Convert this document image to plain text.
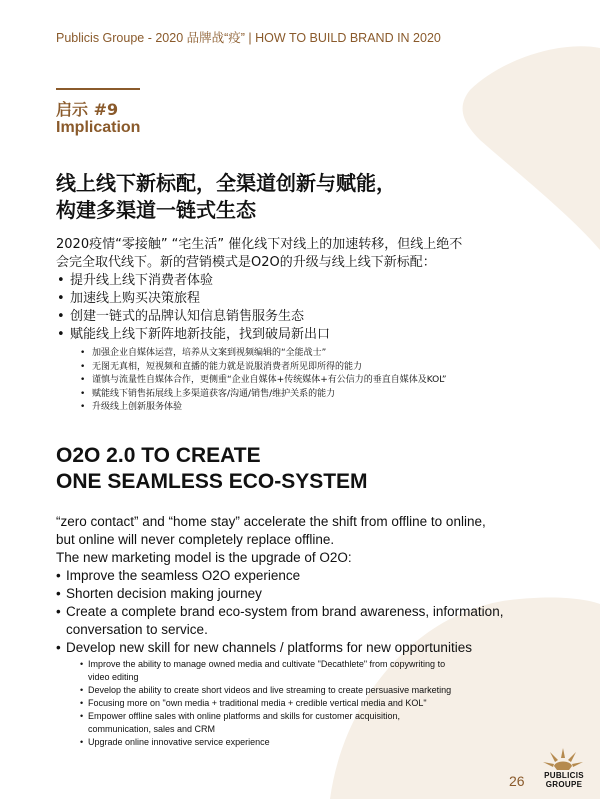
Publicis Groupe - 2020 品牌战“疫” | HOW TO BUILD BRAND IN 2020
启示 #9
Implication
线上线下新标配，全渠道创新与赋能，
构建多渠道一链式生态
2020疫情“零接触” “宅生活” 催化线下对线上的加速转移，但线上绝不
会完全取代线下。新的营销模式是O2O的升级与线上线下新标配：
• 提升线上线下消费者体验
• 加速线上购买决策旅程
• 创建一链式的品牌认知信息销售服务生态
• 赋能线上线下新阵地新技能，找到破局新出口
• 加强企业自媒体运营，培养从文案到视频编辑的“全能战士”
• 无图无真相，短视频和直播的能力就是说服消费者所见即所得的能力
• 谨慎与流量性自媒体合作，更侧重“企业自媒体+传统媒体+有公信力的垂直自媒体及KOL”
• 赋能线下销售拓展线上多渠道获客/沟通/销售/维护关系的能力
• 升级线上创新服务体验
O2O 2.0 TO CREATE
ONE SEAMLESS ECO-SYSTEM
“zero contact” and “home stay” accelerate the shift from offline to online,
but online will never completely replace offline.
The new marketing model is the upgrade of O2O:
• Improve the seamless O2O experience
• Shorten decision making journey
• Create a complete brand eco-system from brand awareness, information,
conversation to service.
• Develop new skill for new channels / platforms for new opportunities
• Improve the ability to manage owned media and cultivate "Decathlete" from copywriting to
video editing
• Develop the ability to create short videos and live streaming to create persuasive marketing
• Focusing more on "own media + traditional media + credible vertical media and KOL"
• Empower offline sales with online platforms and skills for customer acquisition,
communication, sales and CRM
• Upgrade online innovative service experience
26	PUBLICIS
GROUPE
